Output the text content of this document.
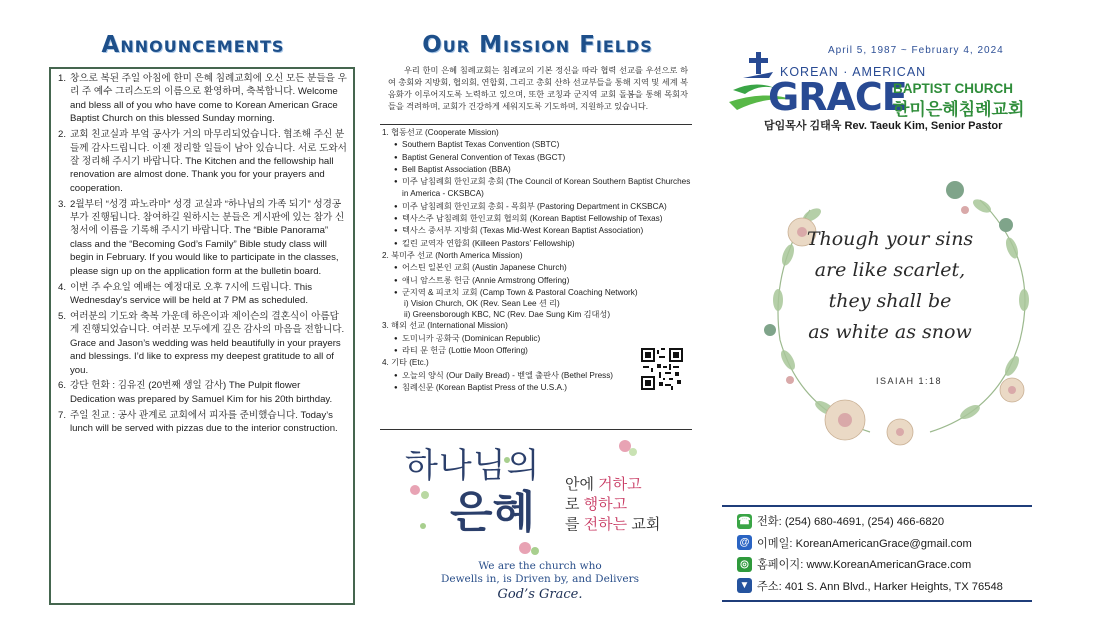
Announcements
1. 창으로 복된 주일 아침에 한미 은혜 침례교회에 오신 모든 분들을 우리 주 예수 그리스도의 이름으로 환영하며, 축복합니다. Welcome and bless all of you who have come to Korean American Grace Baptist Church on this blessed Sunday morning.
2. 교회 친교실과 부엌 공사가 거의 마무리되었습니다. 협조해 주신 분들께 감사드립니다. 이젠 정리할 일들이 남아 있습니다. 서로 도와서 잘 정리해 주시기 바랍니다. The Kitchen and the fellowship hall renovation are almost done. Thank you for your prayers and cooperation.
3. 2월부터 “성경 파노라마” 성경 교실과 “하나님의 가족 되기” 성경공부가 진행됩니다. 참여하길 원하시는 분들은 게시판에 있는 참가 신청서에 이름을 기록해 주시기 바랍니다. The “Bible Panorama” class and the “Becoming God’s Family” Bible study class will begin in February. If you would like to participate in the classes, please sign up on the application form at the bulletin board.
4. 이번 주 수요일 예배는 예정대로 오후 7시에 드립니다. This Wednesday’s service will be held at 7 PM as scheduled.
5. 여러분의 기도와 축복 가운데 하은이과 제이슨의 결혼식이 아름답게 진행되었습니다. 여러분 모두에게 깊은 감사의 마음을 전합니다. Grace and Jason’s wedding was held beautifully in your prayers and blessings. I’d like to express my deepest gratitude to all of you.
6. 강단 헌화 : 김유진 (20번째 생일 감사) The Pulpit flower Dedication was prepared by Samuel Kim for his 20th birthday.
7. 주일 친교 : 공사 관계로 교회에서 피자를 준비했습니다. Today’s lunch will be served with pizzas due to the interior construction.
Our Mission Fields
우리 한미 은혜 침례교회는 침례교의 기본 정신을 따라 협력 선교를 우선으로 하여 총회와 지방회, 협의회, 연합회, 그리고 총회 산하 선교부들을 통해 지역 및 세계 복음화가 이루어지도록 노력하고 있으며, 또한 코칭과 군지역 교회 돌봄을 통해 목회자들을 격려하며, 교회가 건강하게 세워지도록 기도하며, 지원하고 있습니다.
1. 협동선교 (Cooperate Mission)
● Southern Baptist Texas Convention (SBTC)
● Baptist General Convention of Texas (BGCT)
● Bell Baptist Association (BBA)
● 미주 남침례회 한인교회 총회 (The Council of Korean Southern Baptist Churches in America - CKSBCA)
● 미주 남침례회 한인교회 총회 - 목회부 (Pastoring Department in CKSBCA)
● 텍사스주 남침례회 한인교회 협의회 (Korean Baptist Fellowship of Texas)
● 텍사스 중서부 지방회 (Texas Mid-West Korean Baptist Association)
● 킬린 교역자 연합회 (Killeen Pastors’ Fellowship)
2. 북미주 선교 (North America Mission)
● 어스틴 일본인 교회 (Austin Japanese Church)
● 애니 암스트롱 헌금 (Annie Armstrong Offering)
● 군지역 & 피코치 교회 (Camp Town & Pastoral Coaching Network)
i) Vision Church, OK (Rev. Sean Lee 션 리)
ii) Greensborough KBC, NC (Rev. Dae Sung Kim 김대성)
3. 해외 선교 (International Mission)
● 도미니카 공화국 (Dominican Republic)
● 라티 문 헌금 (Lottie Moon Offering)
4. 기타 (Etc.)
● 오늘의 양식 (Our Daily Bread) - 벧엘 출판사 (Bethel Press)
● 침례신문 (Korean Baptist Press of the U.S.A.)
하나님의
은혜
안에 거하고
로 행하고
를 전하는 교회
We are the church who
Dewells in, is Driven by, and Delivers
God’s Grace.
April 5, 1987 ~ February 4, 2024
KOREAN · AMERICAN
GRACE
BAPTIST CHURCH
한미은혜침례교회
담임목사 김태욱 Rev. Taeuk Kim, Senior Pastor
Though your sins
are like scarlet,
they shall be
as white as snow
ISAIAH 1:18
☎ 전화: (254) 680-4691, (254) 466-6820
@ 이메일: KoreanAmericanGrace@gmail.com
◎ 홈페이지: www.KoreanAmericanGrace.com
▼ 주소: 401 S. Ann Blvd., Harker Heights, TX 76548
